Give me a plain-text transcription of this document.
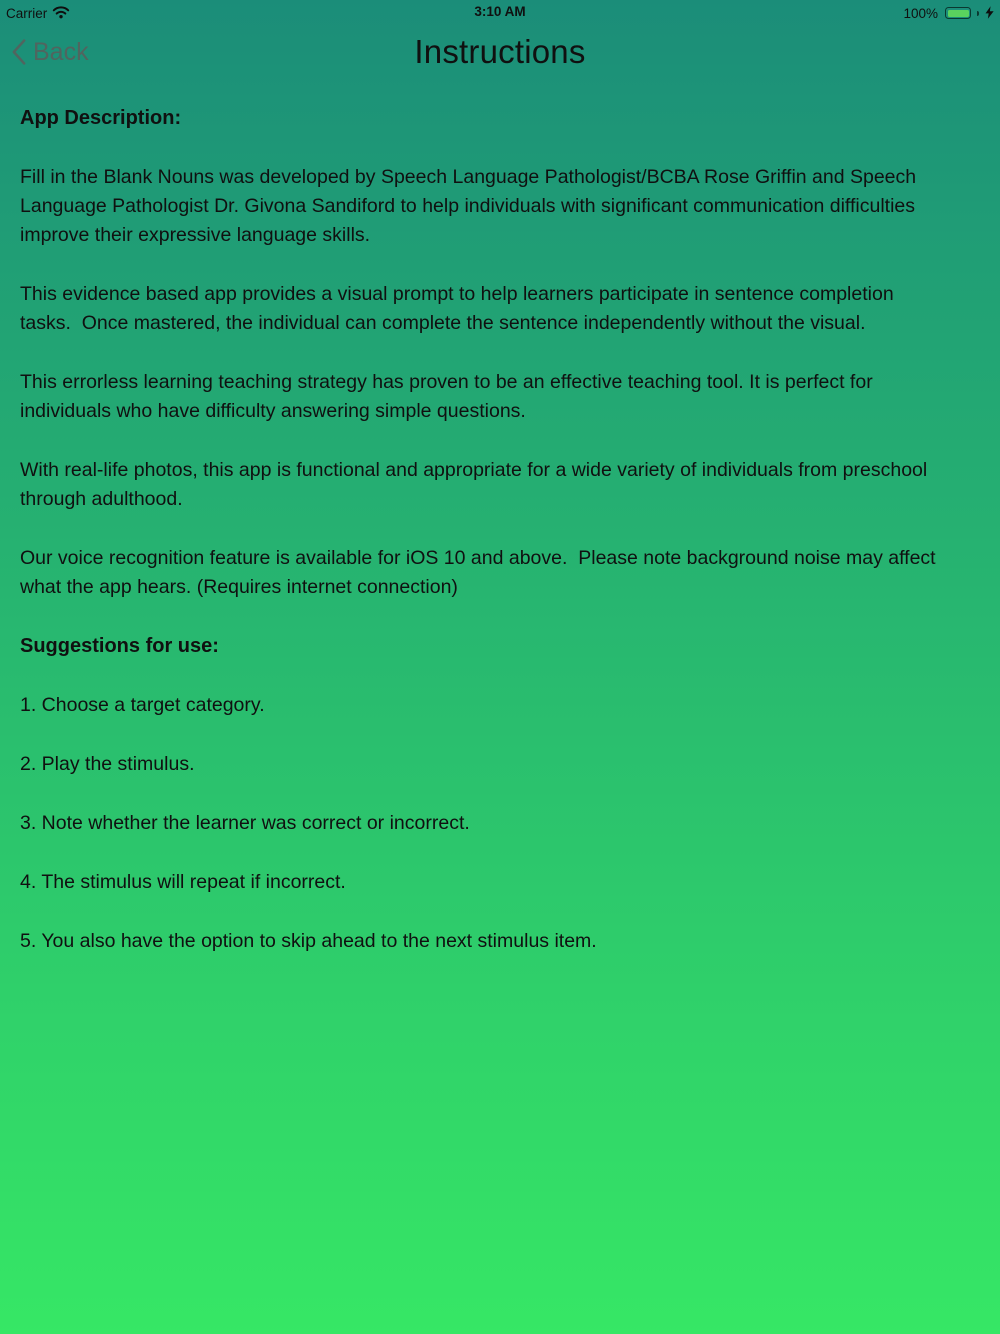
Carrier	3:10 AM	100%
Back	Instructions
App Description:

Fill in the Blank Nouns was developed by Speech Language Pathologist/BCBA Rose Griffin and Speech Language Pathologist Dr. Givona Sandiford to help individuals with significant communication difficulties improve their expressive language skills.

This evidence based app provides a visual prompt to help learners participate in sentence completion tasks.  Once mastered, the individual can complete the sentence independently without the visual.

This errorless learning teaching strategy has proven to be an effective teaching tool. It is perfect for individuals who have difficulty answering simple questions.

With real-life photos, this app is functional and appropriate for a wide variety of individuals from preschool through adulthood.

Our voice recognition feature is available for iOS 10 and above.  Please note background noise may affect what the app hears. (Requires internet connection)

Suggestions for use:

1. Choose a target category.

2. Play the stimulus.

3. Note whether the learner was correct or incorrect.

4. The stimulus will repeat if incorrect.

5. You also have the option to skip ahead to the next stimulus item.
